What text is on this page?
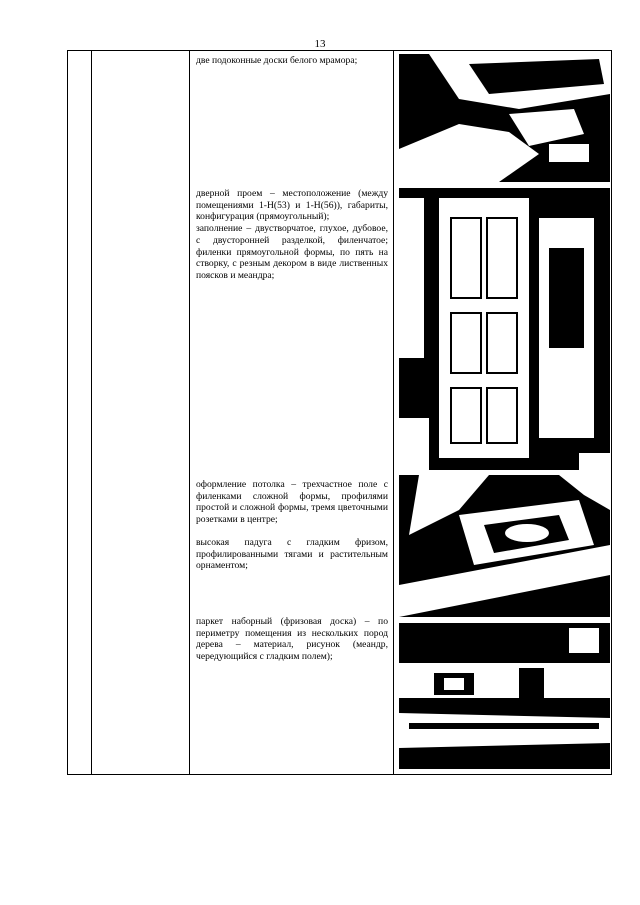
13

две подоконные доски белого мрамора;

дверной проем – местоположение (между помещениями 1-Н(53) и 1-Н(56)), габариты, конфигурация (прямоугольный);

заполнение – двустворчатое, глухое, дубовое, с двусторонней разделкой, филенчатое; филенки прямоугольной формы, по пять на створку, с резным декором в виде лиственных поясков и меандра;

оформление потолка – трехчастное поле с филенками сложной формы, профилями простой и сложной формы, тремя цветочными розетками в центре;

высокая падуга с гладким фризом, профилированными тягами и растительным орнаментом;

паркет наборный (фризовая доска) – по периметру помещения из нескольких пород дерева – материал, рисунок (меандр, чередующийся с гладким полем);
